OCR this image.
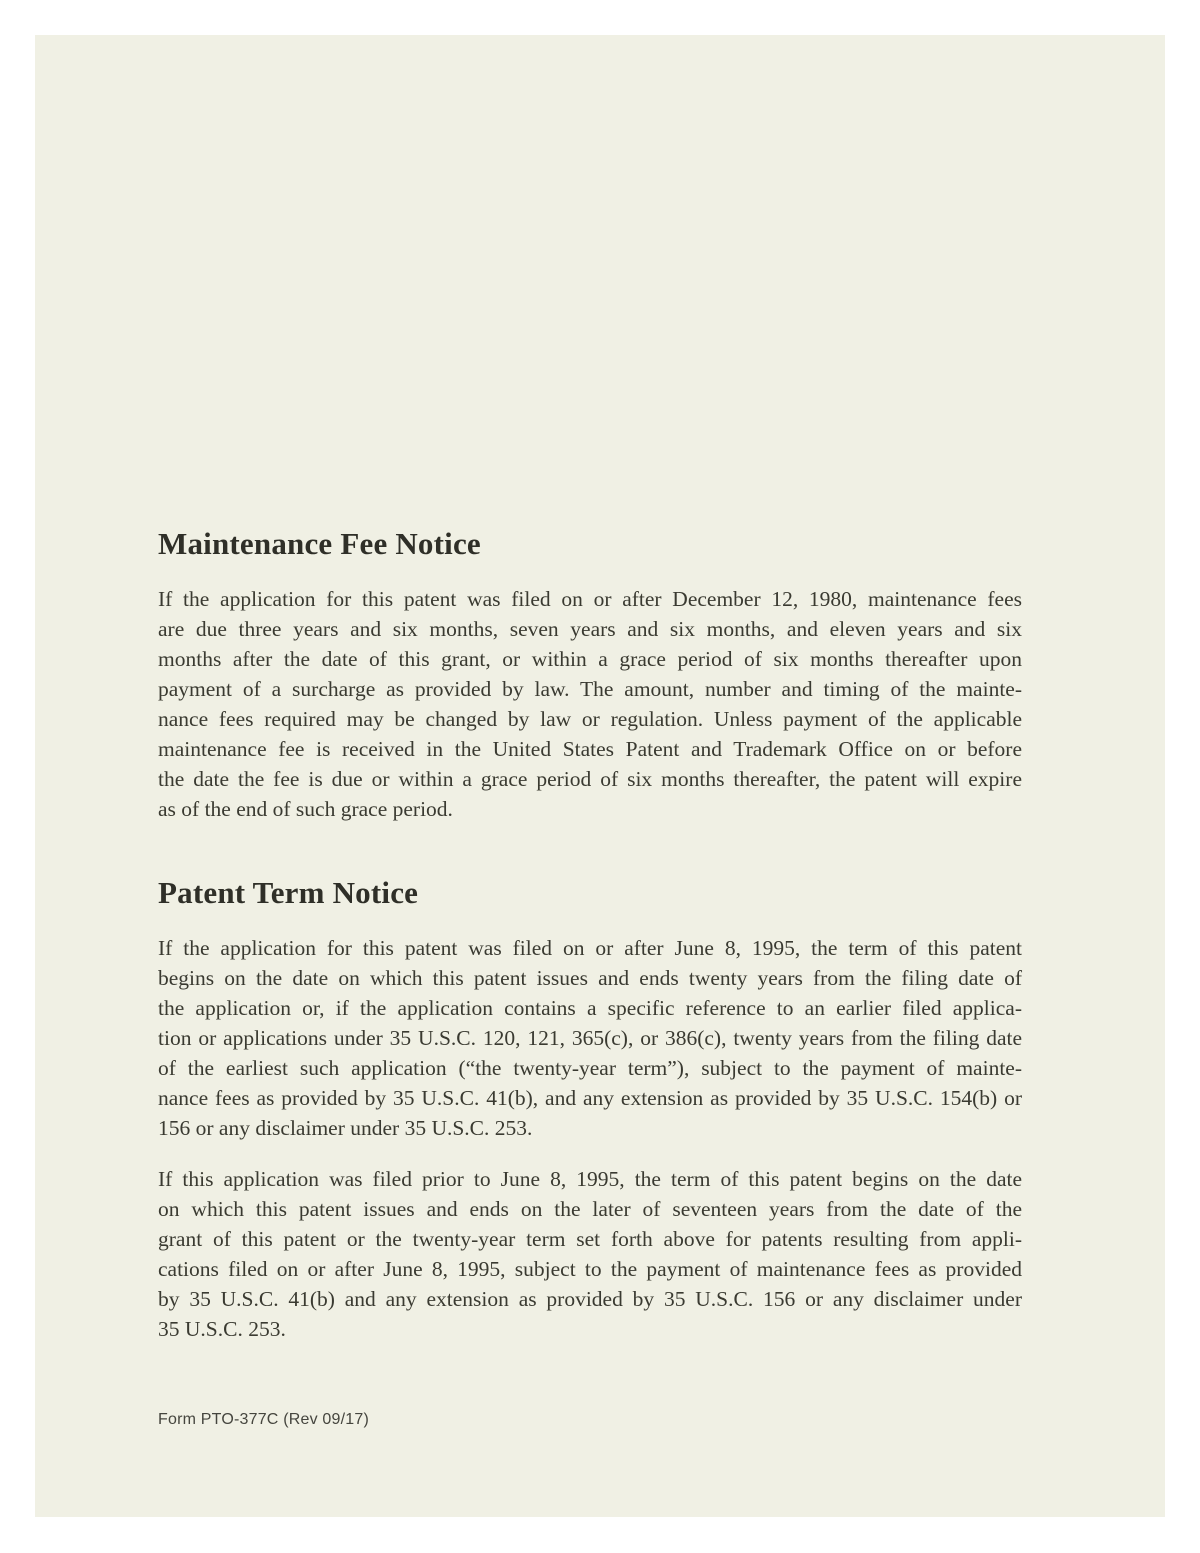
Maintenance Fee Notice
If the application for this patent was filed on or after December 12, 1980, maintenance fees
are due three years and six months, seven years and six months, and eleven years and six
months after the date of this grant, or within a grace period of six months thereafter upon
payment of a surcharge as provided by law. The amount, number and timing of the mainte-
nance fees required may be changed by law or regulation. Unless payment of the applicable
maintenance fee is received in the United States Patent and Trademark Office on or before
the date the fee is due or within a grace period of six months thereafter, the patent will expire
as of the end of such grace period.
Patent Term Notice
If the application for this patent was filed on or after June 8, 1995, the term of this patent
begins on the date on which this patent issues and ends twenty years from the filing date of
the application or, if the application contains a specific reference to an earlier filed applica-
tion or applications under 35 U.S.C. 120, 121, 365(c), or 386(c), twenty years from the filing date
of the earliest such application (“the twenty-year term”), subject to the payment of mainte-
nance fees as provided by 35 U.S.C. 41(b), and any extension as provided by 35 U.S.C. 154(b) or
156 or any disclaimer under 35 U.S.C. 253.
If this application was filed prior to June 8, 1995, the term of this patent begins on the date
on which this patent issues and ends on the later of seventeen years from the date of the
grant of this patent or the twenty-year term set forth above for patents resulting from appli-
cations filed on or after June 8, 1995, subject to the payment of maintenance fees as provided
by 35 U.S.C. 41(b) and any extension as provided by 35 U.S.C. 156 or any disclaimer under
35 U.S.C. 253.
Form PTO-377C (Rev 09/17)
